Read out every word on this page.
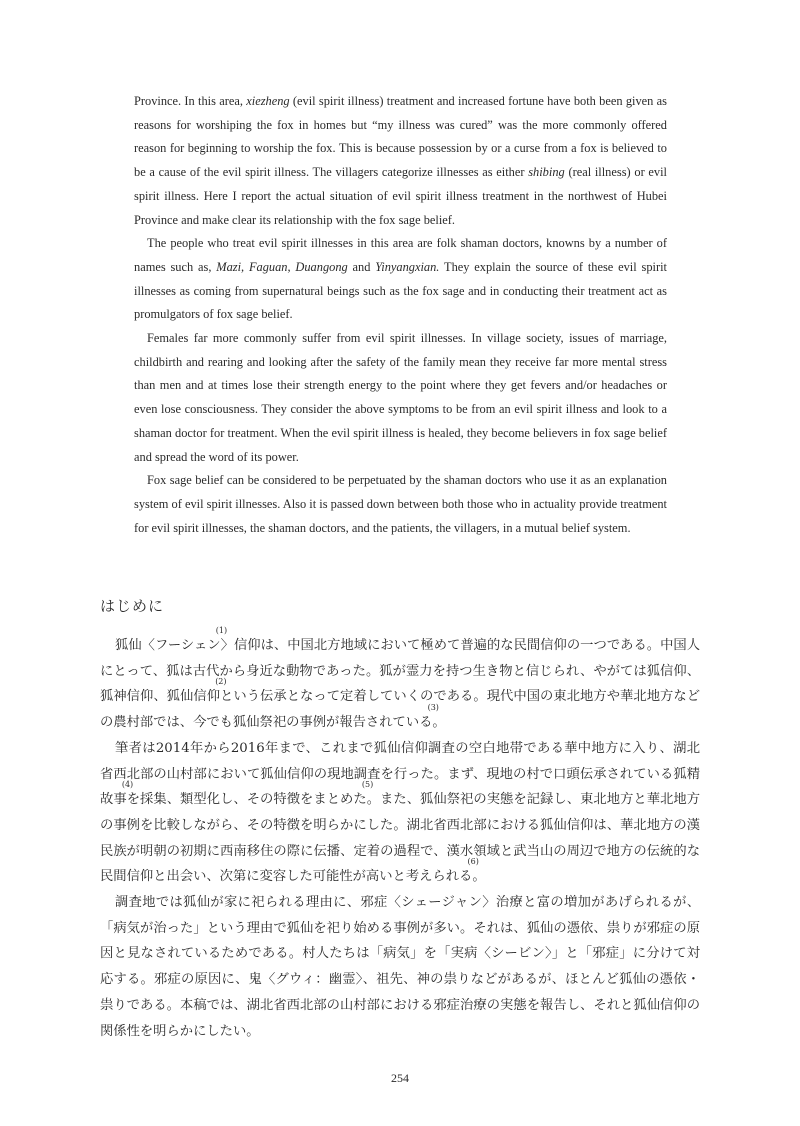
Province. In this area, xiezheng (evil spirit illness) treatment and increased fortune have both been given as reasons for worshiping the fox in homes but “my illness was cured” was the more commonly offered reason for beginning to worship the fox. This is because possession by or a curse from a fox is believed to be a cause of the evil spirit illness. The villagers categorize illnesses as either shibing (real illness) or evil spirit illness. Here I report the actual situation of evil spirit illness treatment in the northwest of Hubei Province and make clear its relationship with the fox sage belief.

The people who treat evil spirit illnesses in this area are folk shaman doctors, knowns by a number of names such as, Mazi, Faguan, Duangong and Yinyangxian. They explain the source of these evil spirit illnesses as coming from supernatural beings such as the fox sage and in conducting their treatment act as promulgators of fox sage belief.

Females far more commonly suffer from evil spirit illnesses. In village society, issues of marriage, childbirth and rearing and looking after the safety of the family mean they receive far more mental stress than men and at times lose their strength energy to the point where they get fevers and/or headaches or even lose consciousness. They consider the above symptoms to be from an evil spirit illness and look to a shaman doctor for treatment. When the evil spirit illness is healed, they become believers in fox sage belief and spread the word of its power.

Fox sage belief can be considered to be perpetuated by the shaman doctors who use it as an explanation system of evil spirit illnesses. Also it is passed down between both those who in actuality provide treatment for evil spirit illnesses, the shaman doctors, and the patients, the villagers, in a mutual belief system.

はじめに

狐仙〈フーシェン
(1)
〉信仰は、中国北方地域において極めて普遍的な民間信仰の一つである。中国人にとって、狐は古代から身近な動物であった。狐が霊力を持つ生き物と信じられ、やがては狐信仰、狐神信仰、狐仙信仰
(2)
という伝承となって定着していくのである。現代中国の東北地方や華北地方などの農村部では、今でも狐仙祭祀の事例が報告されている
(3)
。

筆者は2014年から2016年まで、これまで狐仙信仰調査の空白地帯である華中地方に入り、湖北省西北部の山村部において狐仙信仰の現地調査を行った。まず、現地の村で口頭伝承されている狐精故事
(4)
を採集、類型化し、その特徴をまとめた
(5)
。また、狐仙祭祀の実態を記録し、東北地方と華北地方の事例を比較しながら、その特徴を明らかにした。湖北省西北部における狐仙信仰は、華北地方の漢民族が明朝の初期に西南移住の際に伝播、定着の過程で、漢水領域と武当山の周辺で地方の伝統的な民間信仰と出会い、次第に変容した可能性が高いと考えられる
(6)
。

調査地では狐仙が家に祀られる理由に、邪症〈シェージャン〉治療と富の増加があげられるが、「病気が治った」という理由で狐仙を祀り始める事例が多い。それは、狐仙の憑依、祟りが邪症の原因と見なされているためである。村人たちは「病気」を「実病〈シービン〉」と「邪症」に分けて対応する。邪症の原因に、鬼〈グウィ：幽霊〉、祖先、神の祟りなどがあるが、ほとんど狐仙の憑依・祟りである。本稿では、湖北省西北部の山村部における邪症治療の実態を報告し、それと狐仙信仰の関係性を明らかにしたい。

254
